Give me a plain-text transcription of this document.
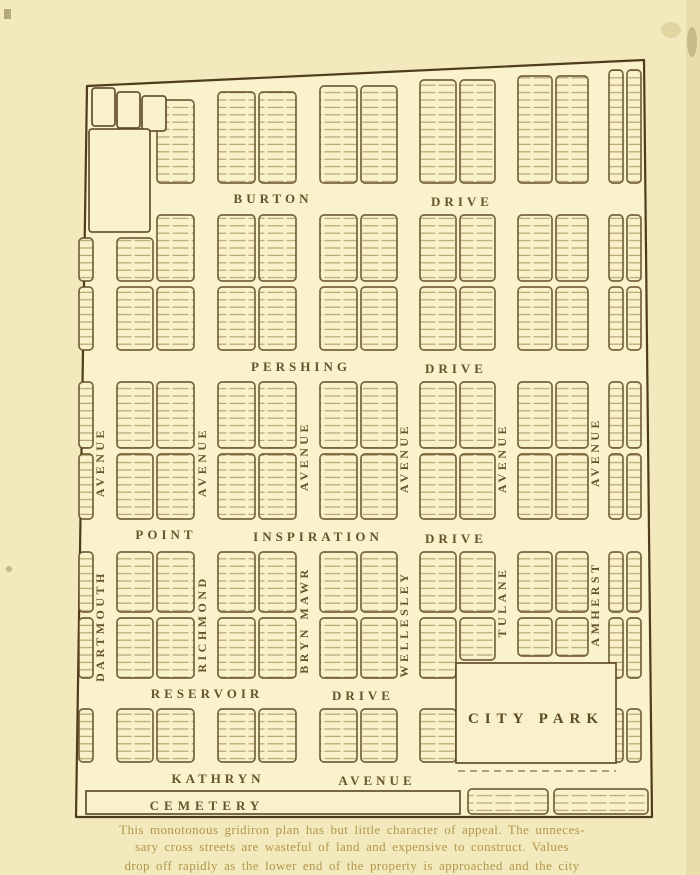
CITY PARK
CEMETERY
BURTON	DRIVE
PERSHING	DRIVE
POINT	INSPIRATION	DRIVE
RESERVOIR	DRIVE
KATHRYN	AVENUE
DARTMOUTH
AVENUE
RICHMOND
AVENUE
BRYN MAWR
AVENUE
WELLESLEY
AVENUE
TULANE
AVENUE
AMHERST
AVENUE
This monotonous gridiron plan has but little character of appeal. The unneces-
sary cross streets are wasteful of land and expensive to construct. Values
drop off rapidly as the lower end of the property is approached and the city
